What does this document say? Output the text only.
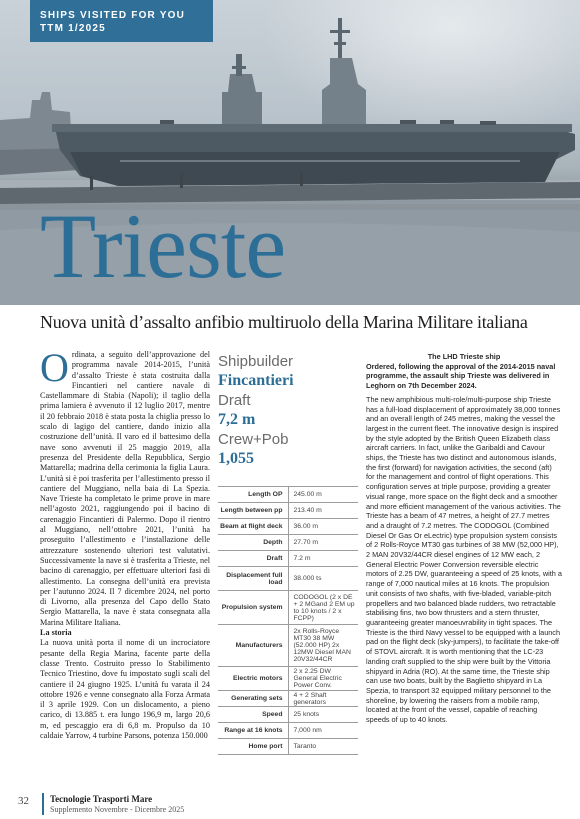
SHIPS VISITED FOR YOU
TTM 1/2025
Trieste
Nuova unità d’assalto anfibio multiruolo della Marina Militare italiana
O rdinata, a seguito dell’approvazione del programma navale 2014-2015, l’unità d’assalto Trieste è stata costruita dalla Fincantieri nel cantiere navale di Castellammare di Stabia (Napoli); il taglio della prima lamiera è avvenuto il 12 luglio 2017, mentre il 20 febbraio 2018 è stata posta la chiglia presso lo scalo di lagigo del cantiere, dando inizio alla costruzione dell’unità. Il varo ed il battesimo della nave sono avvenuti il 25 maggio 2019, alla presenza del Presidente della Repubblica, Sergio Mattarella; madrina della cerimonia la figlia Laura. L’unità si è poi trasferita per l’allestimento presso il cantiere del Muggiano, nella baia di La Spezia. Nave Trieste ha completato le prime prove in mare nell’agosto 2021, raggiungendo poi il bacino di carenaggio Fincantieri di Palermo. Dopo il rientro al Muggiano, nell’ottobre 2021, l’unità ha proseguito l’allestimento e l’installazione delle attrezzature sostenendo ulteriori test valutativi. Successivamente la nave si è trasferita a Trieste, nel bacino di carenaggio, per effettuare ulteriori fasi di allestimento. La consegna dell’unità era prevista per l’autunno 2024. Il 7 dicembre 2024, nel porto di Livorno, alla presenza del Capo dello Stato Sergio Mattarella, la nave è stata consegnata alla Marina Militare Italiana.

La storia

La nuova unità porta il nome di un incrociatore pesante della Regia Marina, facente parte della classe Trento. Costruito presso lo Stabilimento Tecnico Triestino, dove fu impostato sugli scali del cantiere il 24 giugno 1925. L’unità fu varata il 24 ottobre 1926 e venne consegnato alla Forza Armata il 3 aprile 1929. Con un dislocamento, a pieno carico, di 13.885 t. era lungo 196,9 m, largo 20,6 m, ed pescaggio era di 6,8 m. Propulso da 10 caldaie Yarrow, 4 turbine Parsons, potenza 150.000

Shipbuilder
Fincantieri
Draft
7,2 m
Crew+Pob
1,055
Length OP	245.00 m
Length between pp	213.40 m
Beam at flight deck	36.00 m
Depth	27.70 m
Draft	7.2 m
Displacement full load	38.000 ts
Propulsion system	CODOGOL (2 x DE + 2 MGand 2 EM up to 10 knots / 2 x FCPP)
Manufacturers	2x Rolls-Royce MT30 38 MW (52.000 HP) 2x 12MW Diesel MAN 20V32/44CR
Electric motors	2 x 2.25 DW General Electric Power Conv.
Generating sets	4 + 2 Shaft generators
Speed	25 knots
Range at 16 knots	7,000 nm
Home port	Taranto
The LHD Trieste ship
Ordered, following the approval of the 2014-2015 naval programme, the assault ship Trieste was delivered in Leghorn on 7th December 2024.
The new amphibious multi-role/multi-purpose ship Trieste has a full-load displacement of approximately 38,000 tonnes and an overall length of 245 metres, making the vessel the largest in the current fleet. The innovative design is inspired by the style adopted by the British Queen Elizabeth class aircraft carriers. In fact, unlike the Garibaldi and Cavour ships, the Trieste has two distinct and autonomous islands, the first (forward) for navigation activities, the second (aft) for the management and control of flight operations. This configuration serves at triple purpose, providing a greater visual range, more space on the flight deck and a smoother and more efficient management of the various activities. The Trieste has a beam of 47 metres, a height of 27.7 metres and a draught of 7.2 metres. The CODOGOL (Combined Diesel Or Gas Or eLectric) type propulsion system consists of 2 Rolls-Royce MT30 gas turbines of 38 MW (52,000 HP), 2 MAN 20V32/44CR diesel engines of 12 MW each, 2 General Electric Power Conversion reversible electric motors of 2.25 DW, guaranteeing a speed of 25 knots, with a range of 7,000 nautical miles at 16 knots. The propulsion unit consists of two shafts, with five-bladed, variable-pitch propellers and two balanced blade rudders, two retractable stabilising fins, two bow thrusters and a stern thruster, guaranteeing greater manoeuvrability in tight spaces. The Trieste is the third Navy vessel to be equipped with a launch pad on the flight deck (sky-jumpers), to facilitate the take-off of STOVL aircraft. It is worth mentioning that the LC-23 landing craft supplied to the ship were built by the Vittoria shipyard in Adria (RO). At the same time, the Trieste ship can use two boats, built by the Baglietto shipyard in La Spezia, to transport 32 equipped military personnel to the shoreline, by lowering the raisers from a mobile ramp, located at the front of the vessel, capable of reaching speeds of up to 40 knots.
32 Tecnologie Trasporti Mare
Supplemento Novembre - Dicembre 2025
